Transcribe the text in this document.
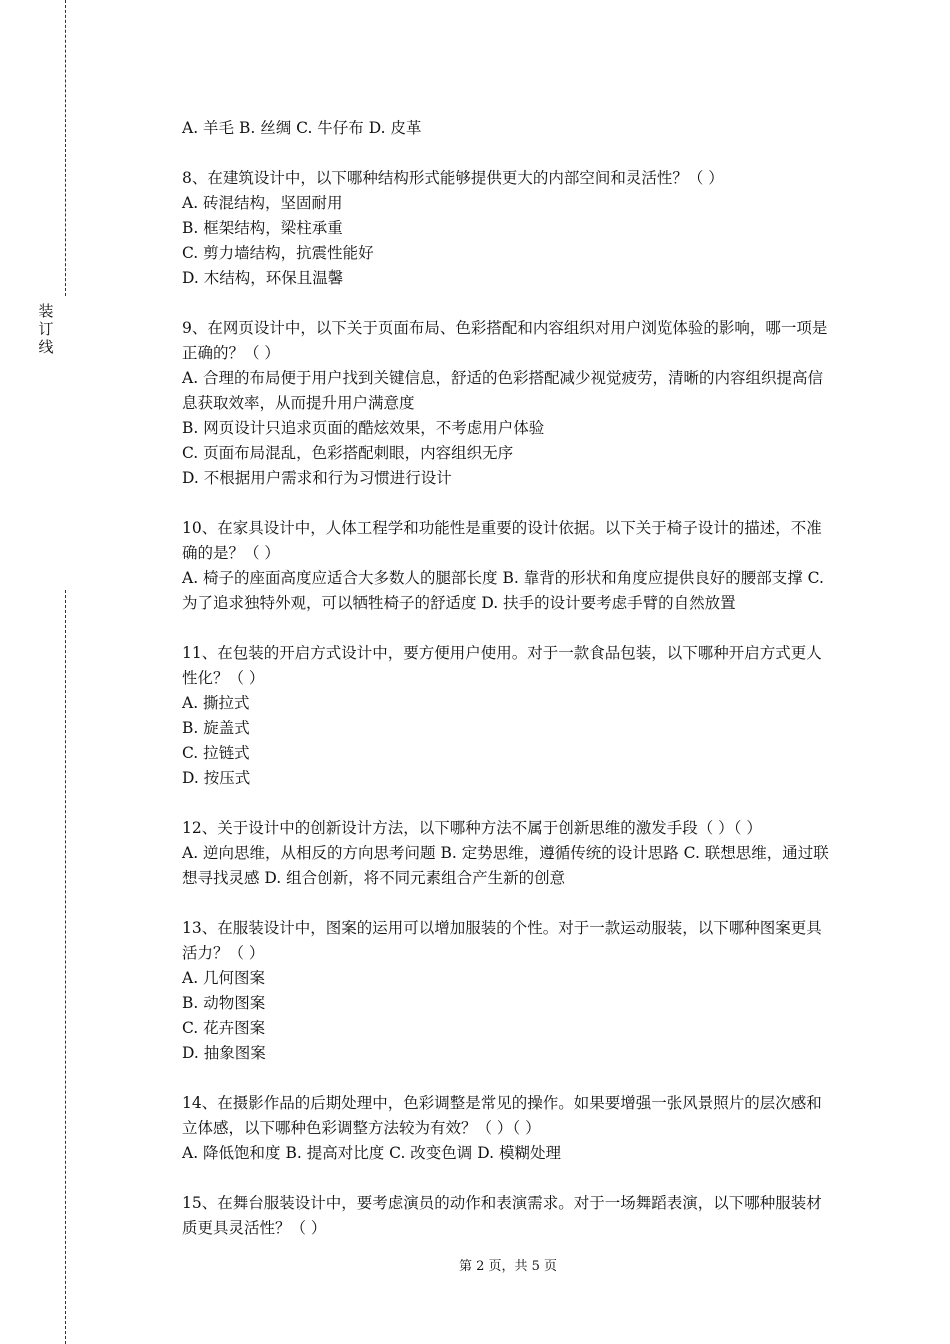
装
订
线
A. 羊毛 B. 丝绸 C. 牛仔布 D. 皮革
8、在建筑设计中，以下哪种结构形式能够提供更大的内部空间和灵活性？（ ）
A. 砖混结构，坚固耐用
B. 框架结构，梁柱承重
C. 剪力墙结构，抗震性能好
D. 木结构，环保且温馨
9、在网页设计中，以下关于页面布局、色彩搭配和内容组织对用户浏览体验的影响，哪一项是正确的？（ ）
A. 合理的布局便于用户找到关键信息，舒适的色彩搭配减少视觉疲劳，清晰的内容组织提高信息获取效率，从而提升用户满意度
B. 网页设计只追求页面的酷炫效果，不考虑用户体验
C. 页面布局混乱，色彩搭配刺眼，内容组织无序
D. 不根据用户需求和行为习惯进行设计
10、在家具设计中，人体工程学和功能性是重要的设计依据。以下关于椅子设计的描述，不准确的是？（ ）
A. 椅子的座面高度应适合大多数人的腿部长度 B. 靠背的形状和角度应提供良好的腰部支撑 C. 为了追求独特外观，可以牺牲椅子的舒适度 D. 扶手的设计要考虑手臂的自然放置
11、在包装的开启方式设计中，要方便用户使用。对于一款食品包装，以下哪种开启方式更人性化？（ ）
A. 撕拉式
B. 旋盖式
C. 拉链式
D. 按压式
12、关于设计中的创新设计方法，以下哪种方法不属于创新思维的激发手段（ ）（ ）
A. 逆向思维，从相反的方向思考问题 B. 定势思维，遵循传统的设计思路 C. 联想思维，通过联想寻找灵感 D. 组合创新，将不同元素组合产生新的创意
13、在服装设计中，图案的运用可以增加服装的个性。对于一款运动服装，以下哪种图案更具活力？（ ）
A. 几何图案
B. 动物图案
C. 花卉图案
D. 抽象图案
14、在摄影作品的后期处理中，色彩调整是常见的操作。如果要增强一张风景照片的层次感和立体感，以下哪种色彩调整方法较为有效？（ ）（ ）
A. 降低饱和度 B. 提高对比度 C. 改变色调 D. 模糊处理
15、在舞台服装设计中，要考虑演员的动作和表演需求。对于一场舞蹈表演，以下哪种服装材质更具灵活性？（ ）
第 2 页，共 5 页
